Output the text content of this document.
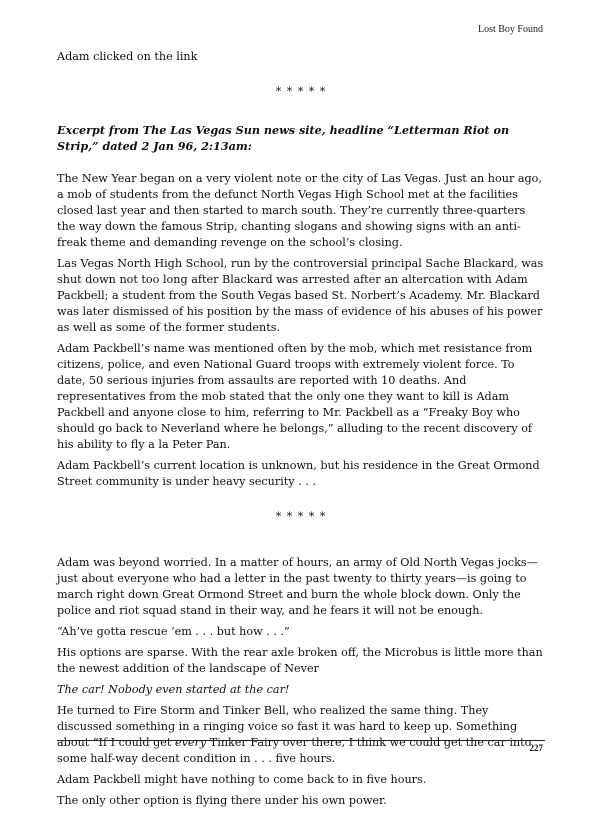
Lost Boy Found

Adam clicked on the link

* * * * *

Excerpt from The Las Vegas Sun news site, headline “Letterman Riot on Strip,” dated 2 Jan 96, 2:13am:

The New Year began on a very violent note or the city of Las Vegas. Just an hour ago, a mob of students from the defunct North Vegas High School met at the facilities closed last year and then started to march south. They’re currently three-quarters the way down the famous Strip, chanting slogans and showing signs with an anti-freak theme and demanding revenge on the school’s closing.

Las Vegas North High School, run by the controversial principal Sache Blackard, was shut down not too long after Blackard was arrested after an altercation with Adam Packbell; a student from the South Vegas based St. Norbert’s Academy. Mr. Blackard was later dismissed of his position by the mass of evidence of his abuses of his power as well as some of the former students.

Adam Packbell’s name was mentioned often by the mob, which met resistance from citizens, police, and even National Guard troops with extremely violent force. To date, 50 serious injuries from assaults are reported with 10 deaths. And representatives from the mob stated that the only one they want to kill is Adam Packbell and anyone close to him, referring to Mr. Packbell as a “Freaky Boy who should go back to Neverland where he belongs,” alluding to the recent discovery of his ability to fly a la Peter Pan.

Adam Packbell’s current location is unknown, but his residence in the Great Ormond Street community is under heavy security . . .

* * * * *

Adam was beyond worried. In a matter of hours, an army of Old North Vegas jocks—just about everyone who had a letter in the past twenty to thirty years—is going to march right down Great Ormond Street and burn the whole block down. Only the police and riot squad stand in their way, and he fears it will not be enough.

“Ah’ve gotta rescue ’em . . . but how . . .”

His options are sparse. With the rear axle broken off, the Microbus is little more than the newest addition of the landscape of Never

The car! Nobody even started at the car!

He turned to Fire Storm and Tinker Bell, who realized the same thing. They discussed something in a ringing voice so fast it was hard to keep up. Something about “If I could get every Tinker Fairy over there, I think we could get the car into some half-way decent condition in . . . five hours.

Adam Packbell might have nothing to come back to in five hours.

The only other option is flying there under his own power.

227
